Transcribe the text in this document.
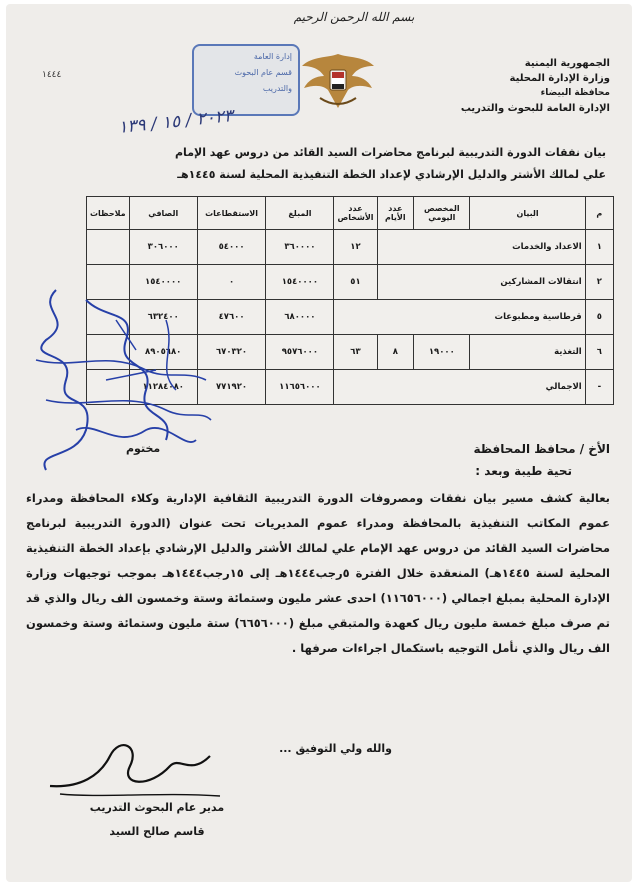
بسم الله الرحمن الرحيم
الجمهورية اليمنية
وزارة الإدارة المحلية
محافظة البيضاء
الإدارة العامة للبحوث والتدريب
إدارة العامة
قسم عام البحوث
والتدريب
١٤٤٤
٢٠٢٣ / ١٥ / ١٣٩
بيان نفقات الدورة التدريبية لبرنامج محاضرات السيد القائد من دروس عهد الإمام
علي لمالك الأشتر والدليل الإرشادي لإعداد الخطة التنفيذية المحلية لسنة ١٤٤٥هـ
م	البيان	المخصص اليومي	عدد الأيام	عدد الأشخاص	المبلغ	الاستقطاعات	الصافي	ملاحظات
١	الاعداد والخدمات			١٢	٣٦٠٠٠٠	٥٤٠٠٠	٣٠٦٠٠٠	
٢	انتقالات المشاركين			٥١	١٥٤٠٠٠٠	٠	١٥٤٠٠٠٠	
٥	قرطاسية ومطبوعات				٦٨٠٠٠٠	٤٧٦٠٠	٦٣٢٤٠٠	
٦	التغذية	١٩٠٠٠	٨	٦٣	٩٥٧٦٠٠٠	٦٧٠٣٢٠	٨٩٠٥٦٨٠	
-	الاجمالي				١١٦٥٦٠٠٠	٧٧١٩٢٠	١١٢٨٤٠٨٠	
مختوم	الأخ / محافظ المحافظة
تحية طيبة وبعد :
بعالية كشف مسير بيان نفقات ومصروفات الدورة التدريبية الثقافية الإدارية وكلاء المحافظة ومدراء عموم المكاتب التنفيذية بالمحافظة ومدراء عموم المديريات تحت عنوان (الدورة التدريبية لبرنامج محاضرات السيد القائد من دروس عهد الإمام علي لمالك الأشتر والدليل الإرشادي بإعداد الخطة التنفيذية المحلية لسنة ١٤٤٥هـ) المنعقدة خلال الفترة ٥رجب١٤٤٤هـ إلى ١٥رجب١٤٤٤هـ بموجب توجيهات وزارة الإدارة المحلية بمبلغ اجمالي (١١٦٥٦٠٠٠) احدى عشر مليون وستمائة وستة وخمسون الف ريال والذي قد تم صرف مبلغ خمسة مليون ريال كعهدة والمتبقي مبلغ (٦٦٥٦٠٠٠) ستة مليون وستمائة وستة وخمسون الف ريال والذي نأمل التوجيه باستكمال اجراءات صرفها .
والله ولي التوفيق ...
مدير عام البحوث التدريب
قاسم صالح السيد
